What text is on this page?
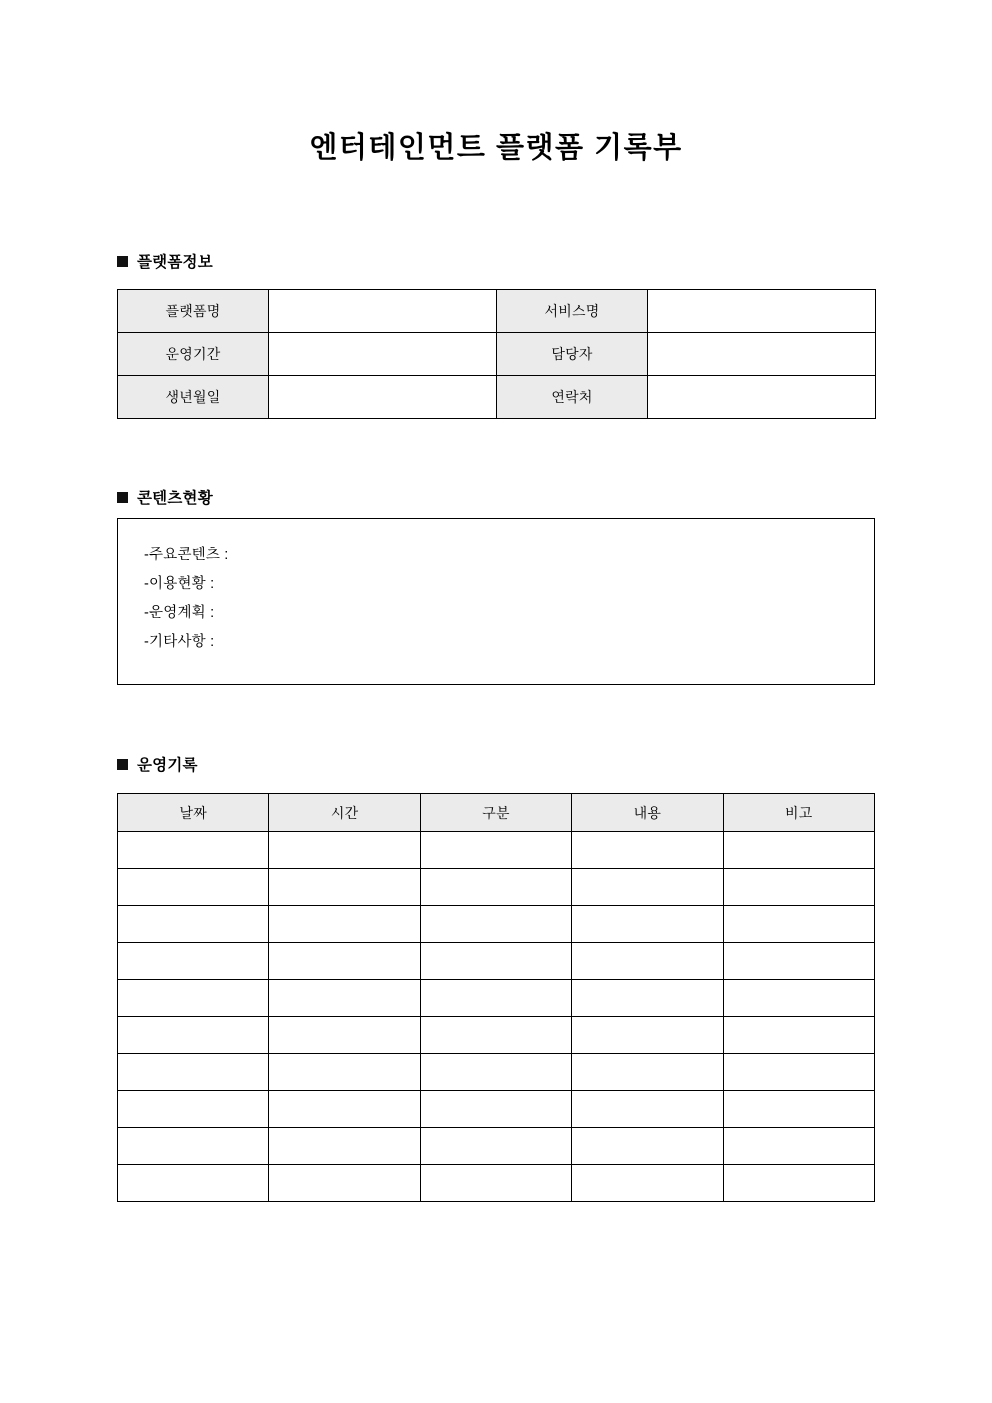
엔터테인먼트 플랫폼 기록부
플랫폼정보
플랫폼명		서비스명	
운영기간		담당자	
생년월일		연락처	
콘텐츠현황
-주요콘텐츠 :
-이용현황 :
-운영계획 :
-기타사항 :
운영기록
날짜	시간	구분	내용	비고
